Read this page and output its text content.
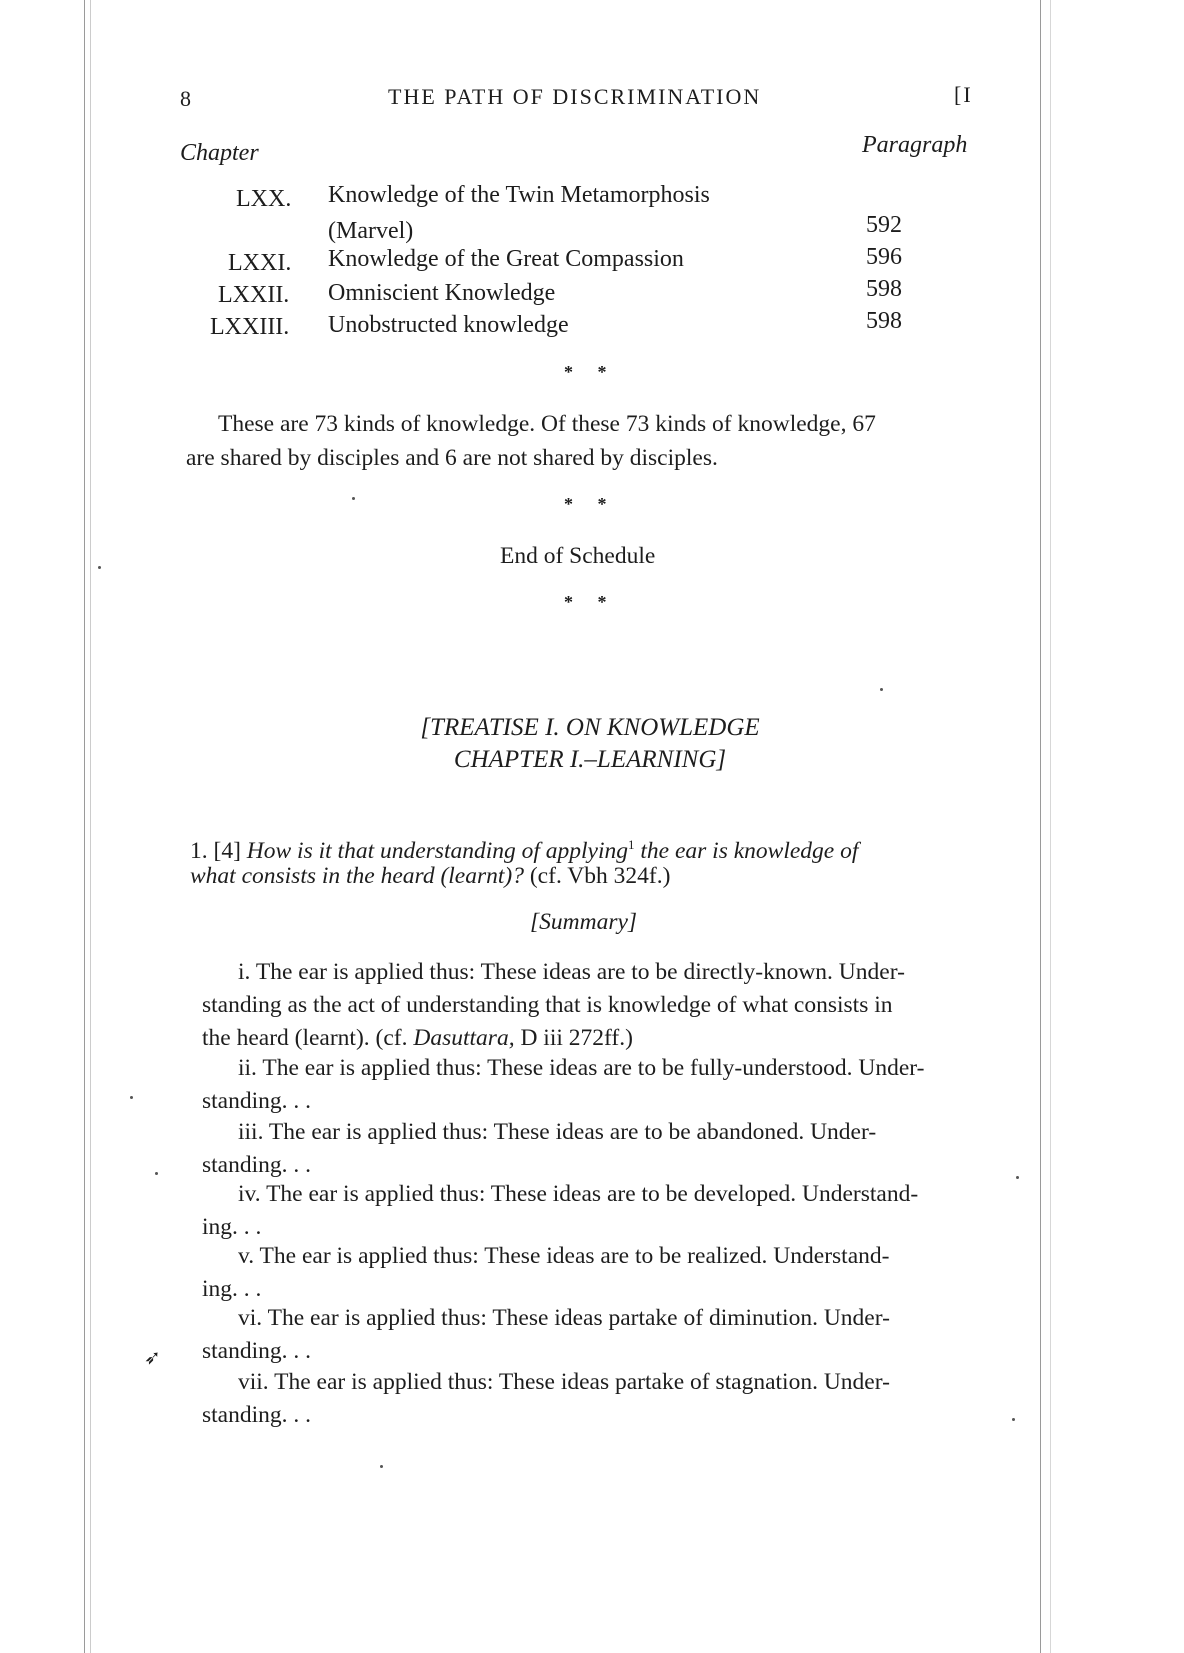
➶
8	THE PATH OF DISCRIMINATION	[I
Chapter	Paragraph
LXX. Knowledge of the Twin Metamorphosis
(Marvel)	592
LXXI. Knowledge of the Great Compassion	596
LXXII. Omniscient Knowledge	598
LXXIII. Unobstructed knowledge	598
* *
These are 73 kinds of knowledge. Of these 73 kinds of knowledge, 67
are shared by disciples and 6 are not shared by disciples.
* *
End of Schedule
* *
[TREATISE I. ON KNOWLEDGE
CHAPTER I.–LEARNING]
1. [4] How is it that understanding of applying$^1$ the ear is knowledge of
what consists in the heard (learnt)? (cf. Vbh 324f.)
[Summary]
i. The ear is applied thus: These ideas are to be directly-known. Under-
standing as the act of understanding that is knowledge of what consists in
the heard (learnt). (cf. Dasuttara, D iii 272ff.)
ii. The ear is applied thus: These ideas are to be fully-understood. Under-
standing. . .
iii. The ear is applied thus: These ideas are to be abandoned. Under-
standing. . .
iv. The ear is applied thus: These ideas are to be developed. Understand-
ing. . .
v. The ear is applied thus: These ideas are to be realized. Understand-
ing. . .
vi. The ear is applied thus: These ideas partake of diminution. Under-
standing. . .
vii. The ear is applied thus: These ideas partake of stagnation. Under-
standing. . .
